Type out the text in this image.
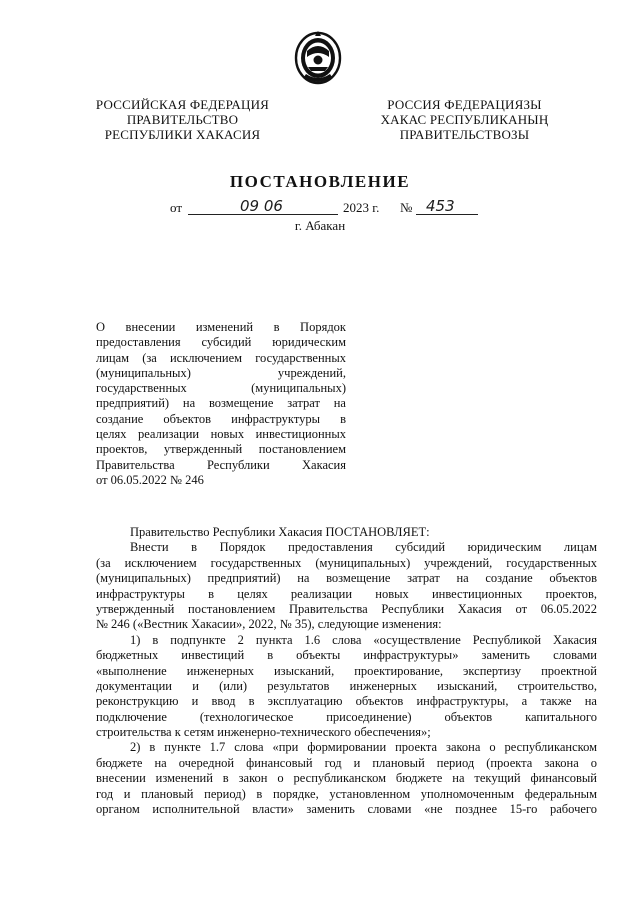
РОССИЙСКАЯ ФЕДЕРАЦИЯ
ПРАВИТЕЛЬСТВО
РЕСПУБЛИКИ ХАКАСИЯ
РОССИЯ ФЕДЕРАЦИЯЗЫ
ХАКАС РЕСПУБЛИКАНЫҢ
ПРАВИТЕЛЬСТВОЗЫ
ПОСТАНОВЛЕНИЕ
от	09 06	2023 г. № 453
г. Абакан
О внесении изменений в Порядок
предоставления субсидий юридическим
лицам (за исключением государственных
(муниципальных) учреждений,
государственных (муниципальных)
предприятий) на возмещение затрат на
создание объектов инфраструктуры в
целях реализации новых инвестиционных
проектов, утвержденный постановлением
Правительства Республики Хакасия
от 06.05.2022 № 246
Правительство Республики Хакасия ПОСТАНОВЛЯЕТ:
Внести в Порядок предоставления субсидий юридическим лицам
(за исключением государственных (муниципальных) учреждений, государственных
(муниципальных) предприятий) на возмещение затрат на создание объектов
инфраструктуры в целях реализации новых инвестиционных проектов,
утвержденный постановлением Правительства Республики Хакасия от 06.05.2022
№ 246 («Вестник Хакасии», 2022, № 35), следующие изменения:
1) в подпункте 2 пункта 1.6 слова «осуществление Республикой Хакасия
бюджетных инвестиций в объекты инфраструктуры» заменить словами
«выполнение инженерных изысканий, проектирование, экспертизу проектной
документации и (или) результатов инженерных изысканий, строительство,
реконструкцию и ввод в эксплуатацию объектов инфраструктуры, а также на
подключение (технологическое присоединение) объектов капитального
строительства к сетям инженерно-технического обеспечения»;
2) в пункте 1.7 слова «при формировании проекта закона о республиканском
бюджете на очередной финансовый год и плановый период (проекта закона о
внесении изменений в закон о республиканском бюджете на текущий финансовый
год и плановый период) в порядке, установленном уполномоченным федеральным
органом исполнительной власти» заменить словами «не позднее 15-го рабочего
